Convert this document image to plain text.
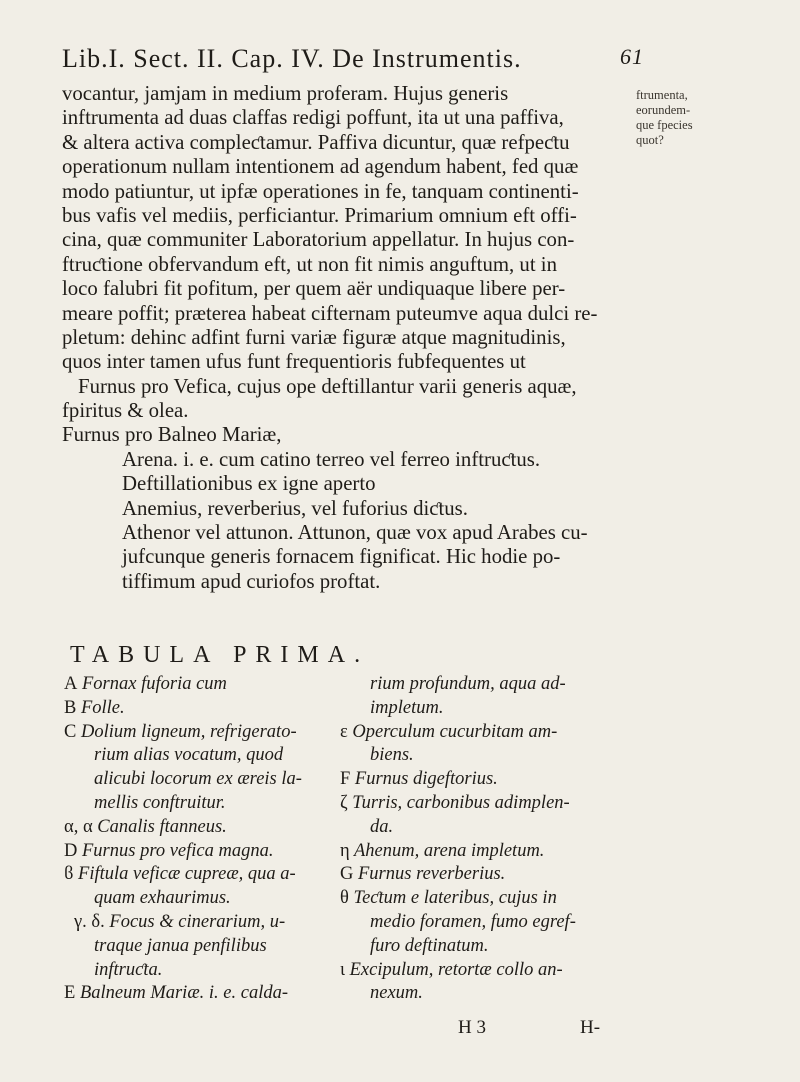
Lib.I. Sect. II. Cap. IV. De Instrumentis.	61
ftrumenta,
eorundem-
que fpecies
quot?
vocantur, jamjam in medium proferam. Hujus generis
inftrumenta ad duas claffas redigi poffunt, ita ut una paffiva,
& altera activa compleƈtamur. Paffiva dicuntur, quæ refpeƈtu
operationum nullam intentionem ad agendum habent, fed quæ
modo patiuntur, ut ipfæ operationes in fe, tanquam continenti-
bus vafis vel mediis, perficiantur. Primarium omnium eft offi-
cina, quæ communiter Laboratorium appellatur. In hujus con-
ftruƈtione obfervandum eft, ut non fit nimis anguftum, ut in
loco falubri fit pofitum, per quem aër undiquaque libere per-
meare poffit; præterea habeat cifternam puteumve aqua dulci re-
pletum: dehinc adfint furni variæ figuræ atque magnitudinis,
quos inter tamen ufus funt frequentioris fubfequentes ut
Furnus pro Vefica, cujus ope deftillantur varii generis aquæ,
fpiritus & olea.
Furnus pro Balneo Mariæ,
Arena. i. e. cum catino terreo vel ferreo inftruƈtus.
Deftillationibus ex igne aperto
Anemius, reverberius, vel fuforius diƈtus.
Athenor vel attunon. Attunon, quæ vox apud Arabes cu-
jufcunque generis fornacem fignificat. Hic hodie po-
tiffimum apud curiofos proftat.
TABULA PRIMA.
A Fornax fuforia cum
B Folle.
C Dolium ligneum, refrigerato-
rium alias vocatum, quod
alicubi locorum ex æreis la-
mellis conftruitur.
α, α Canalis ftanneus.
D Furnus pro vefica magna.
ϐ Fiftula veficæ cupreæ, qua a-
quam exhaurimus.
γ. δ. Focus & cinerarium, u-
traque janua penfilibus
inftruƈta.
E Balneum Mariæ. i. e. calda-
rium profundum, aqua ad-
impletum.
ε Operculum cucurbitam am-
biens.
F Furnus digeftorius.
ζ Turris, carbonibus adimplen-
da.
η Ahenum, arena impletum.
G Furnus reverberius.
θ Teƈtum e lateribus, cujus in
medio foramen, fumo egref-
furo deftinatum.
ι Excipulum, retortæ collo an-
nexum.
H 3	H-
